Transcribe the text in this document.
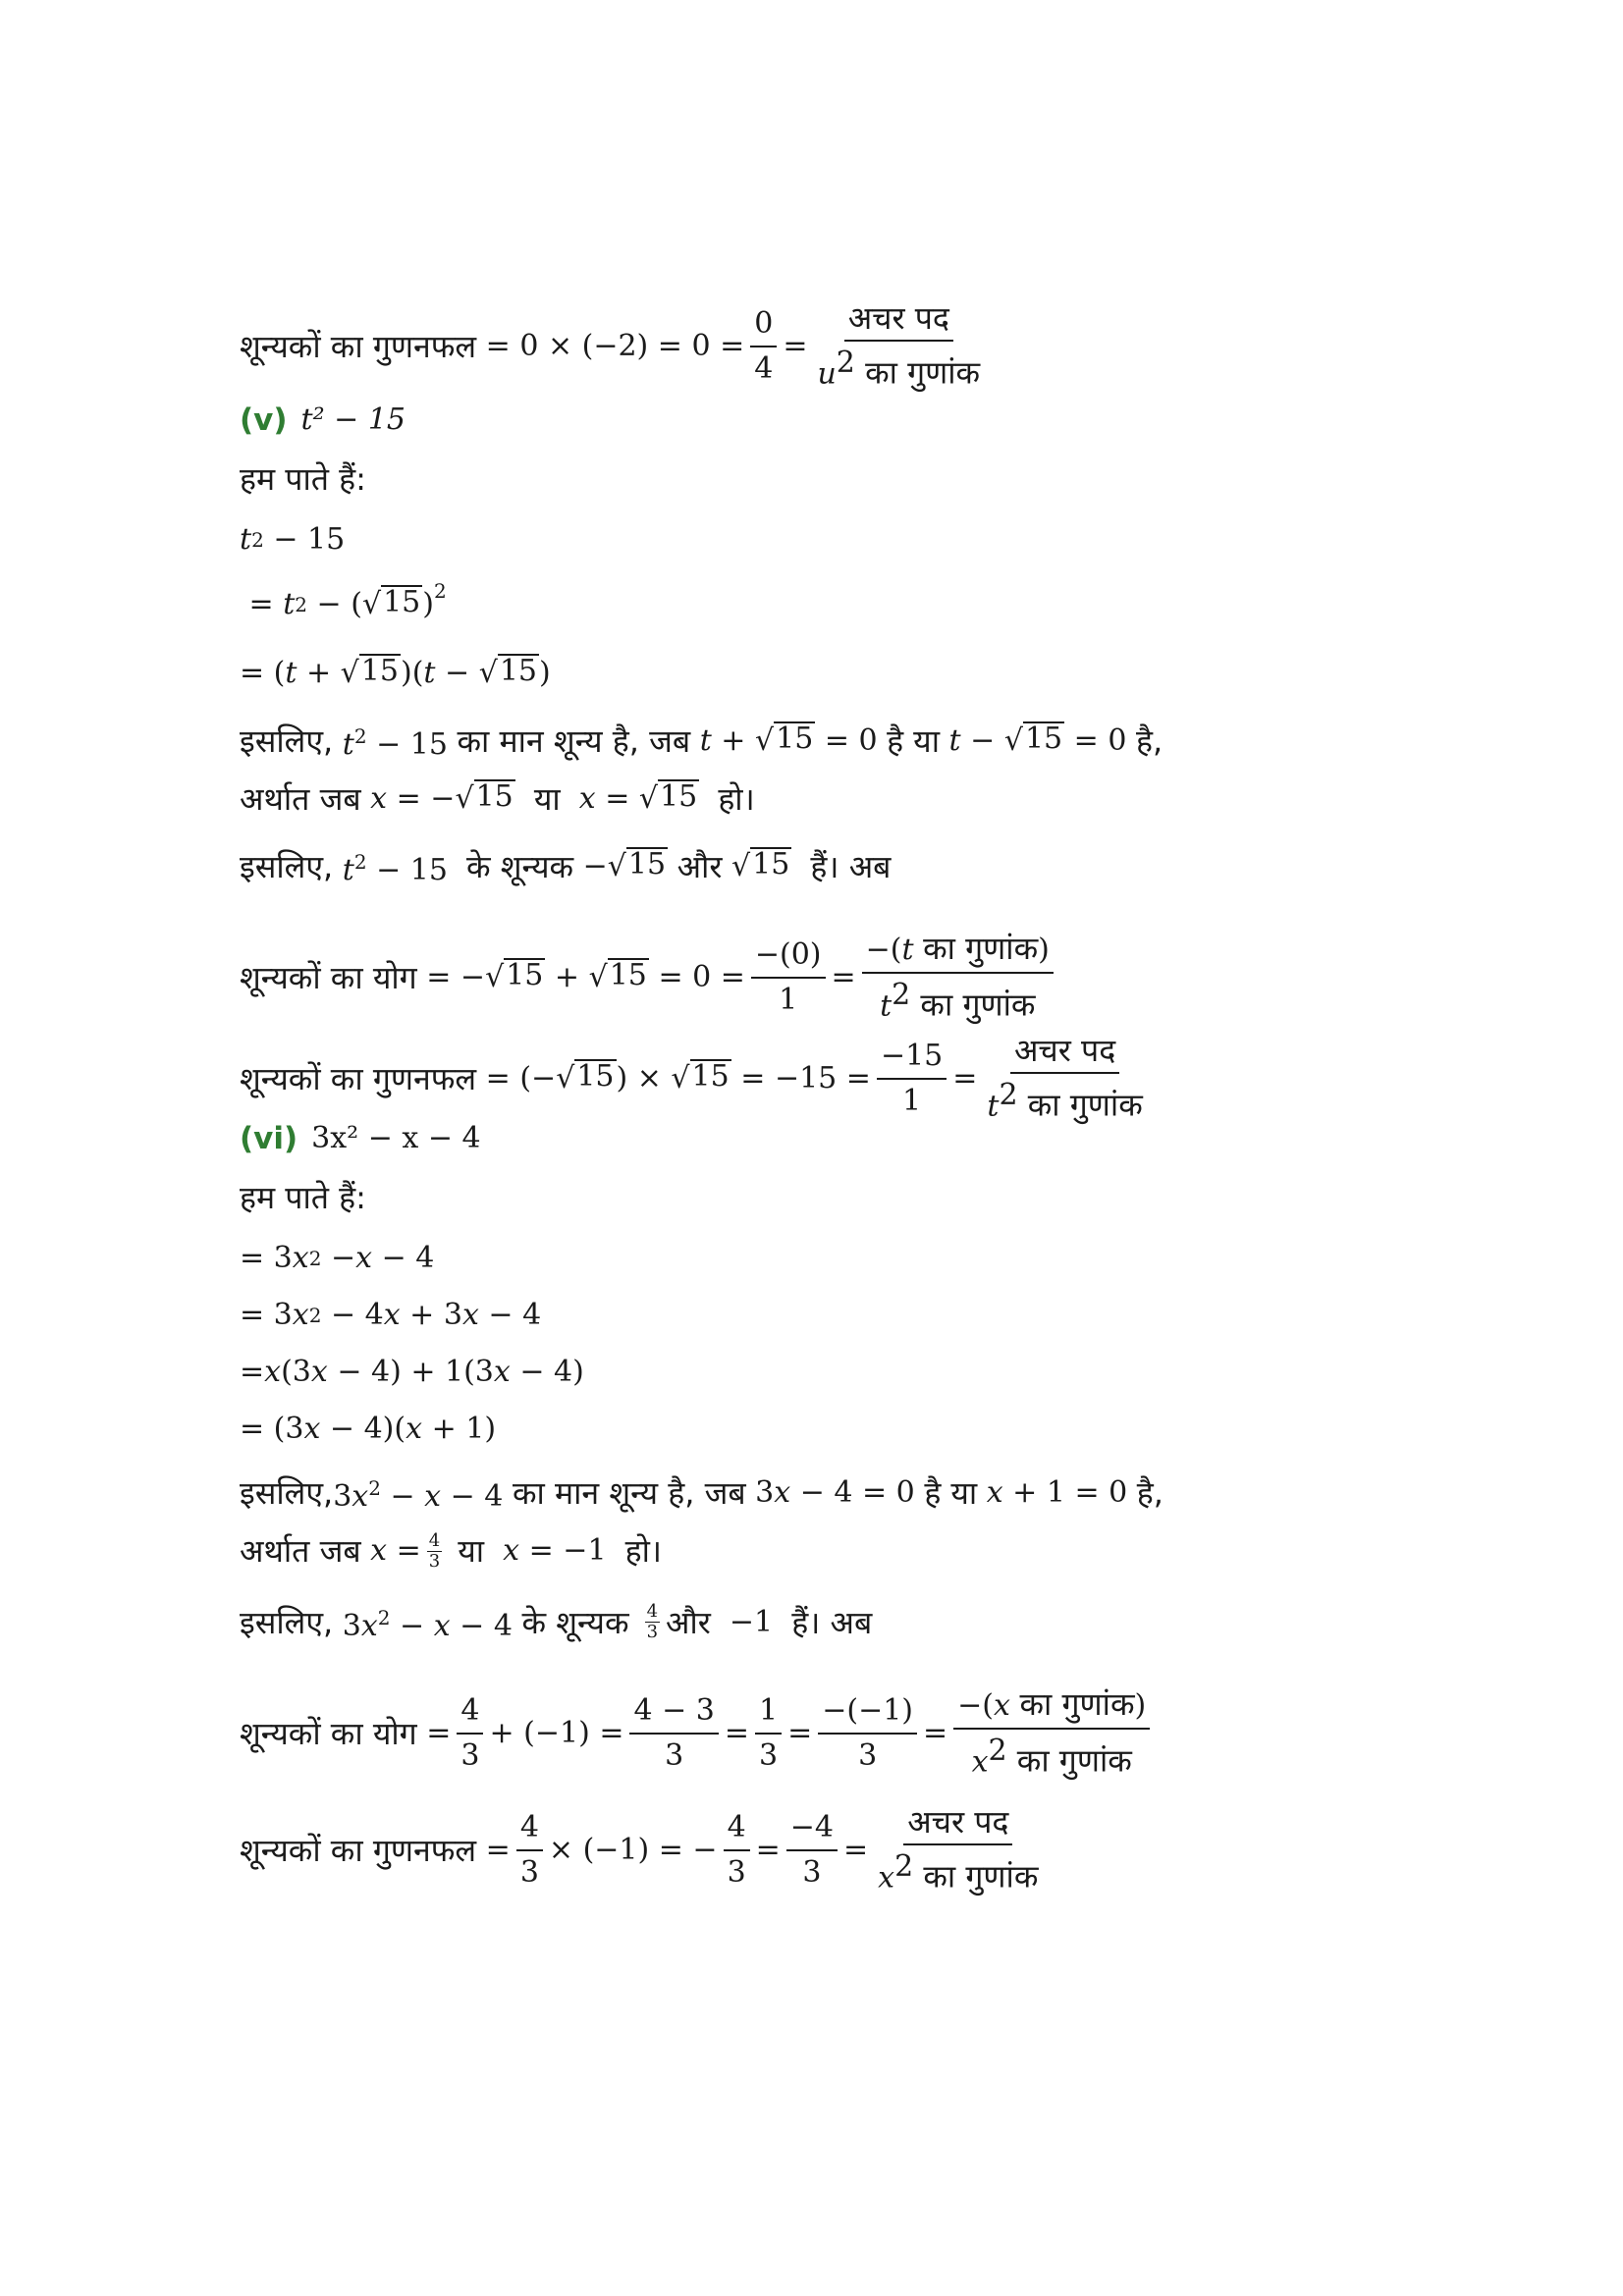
शून्यकों का गुणनफल = $0 \times (-2) = 0 = \frac{0}{4} = \frac{\text{अचर पद}}{u^2 का गुणांक}$
(v) t² − 15
हम पाते हैं:
t 2 − 15
= t 2 − ( √ 15 )$^2$
= ( t + √ 15 )( t − √ 15 )
इसलिए, $t^2 - 15$ का मान शून्य है, जब t + √ 15 = 0 है या t − √ 15 = 0 है ,
अर्थात जब x = − √ 15
या x = √ 15
हो।
इसलिए, $t^2 - 15$ के शून्यक − √ 15
और
√ 15
हैं। अब
शून्यकों का योग = − √ 15 + √ $15 = 0 = \frac{-(0)}{1} = \frac{\text{−(t का गुणांक)}}{t^2 का गुणांक}$
शून्यकों का गुणनफल = (− √ 15 ) × √ $15 = -15 = \frac{-15}{1} = \frac{\text{अचर पद}}{t^2 का गुणांक}$
(vi) 3x² − x − 4
हम पाते हैं:
= 3 x 2 − x − 4
= 3 x 2 − 4 x + 3 x − 4
= x (3 x − 4) + 1(3 x − 4)
= (3 x − 4)( x + 1)
इसलिए, $3x^2 - x - 4$ का मान शून्य है, जब 3x − 4 = 0 है या x + 1 = 0 है ,
अर्थात जब $x = \frac{4}{3}$ या x = −1 हो।
इसलिए, $3x^2 - x - 4$ के शून्यक $\frac{4}{3}$ और −1 हैं। अब
शून्यकों का योग = $\frac{4}{3} + (-1) = \frac{4 - 3}{3} = \frac{1}{3} = \frac{-(-1)}{3} = \frac{\text{−(x का गुणांक)}}{x^2 का गुणांक}$
शून्यकों का गुणनफल = $\frac{4}{3} \times (-1)$ = − $\frac{4}{3} = \frac{-4}{3} = \frac{\text{अचर पद}}{x^2 का गुणांक}$
